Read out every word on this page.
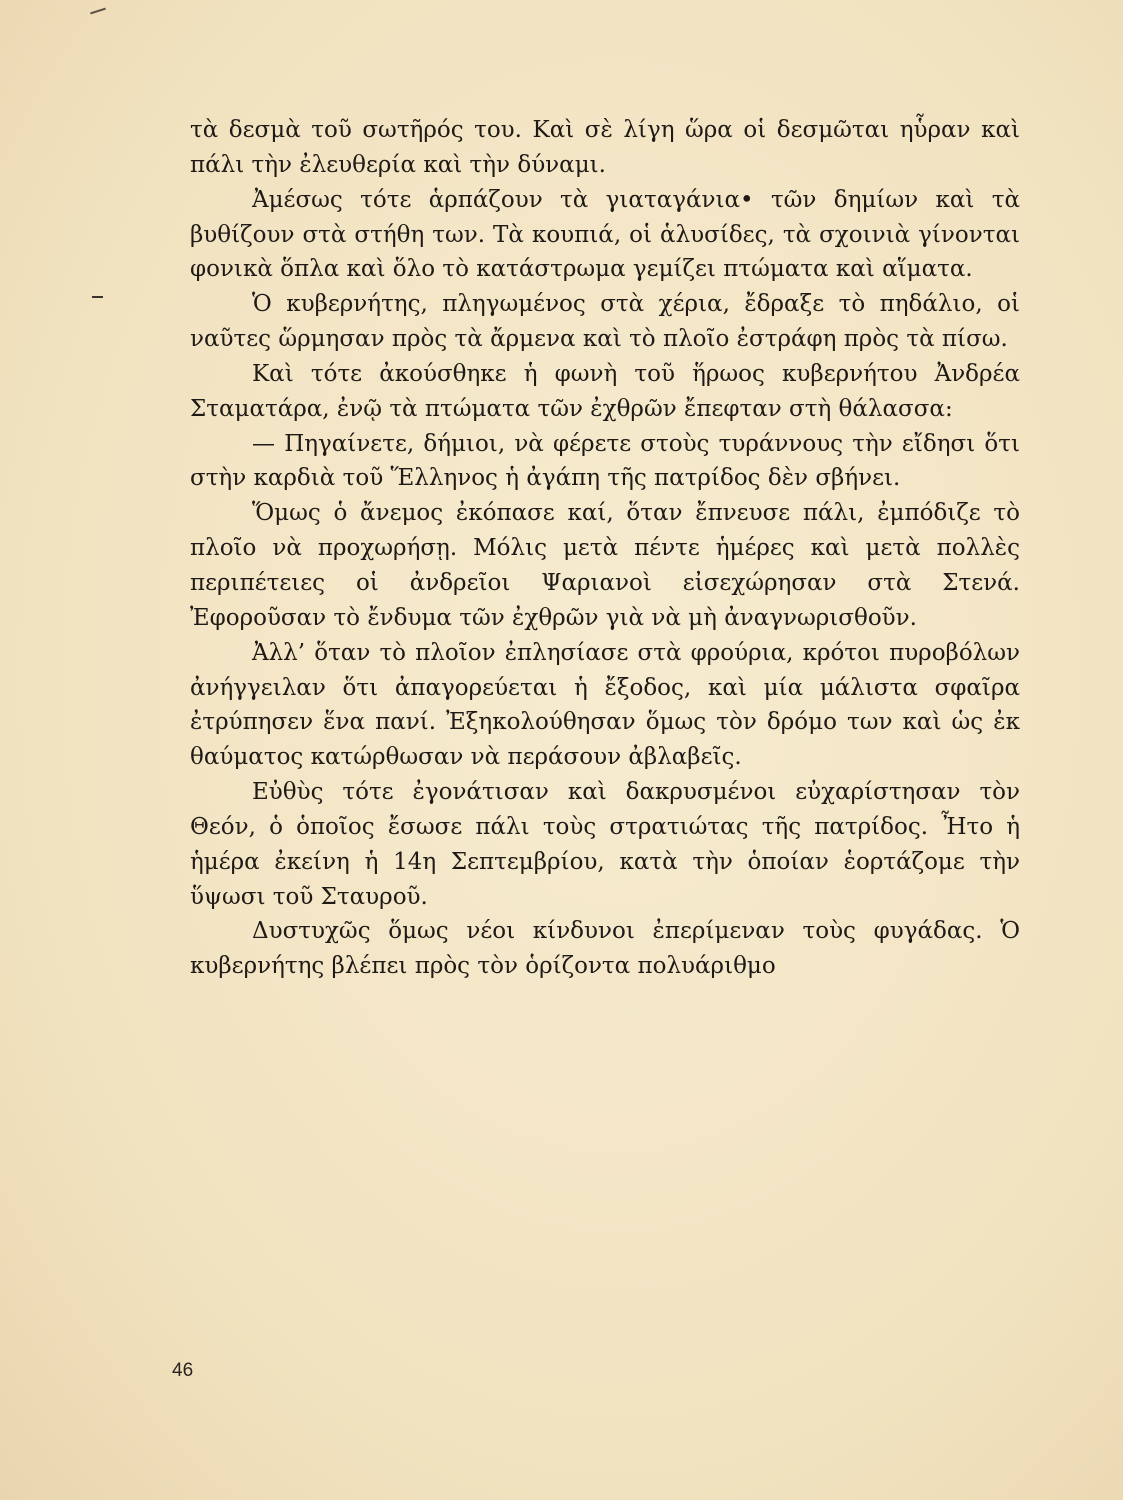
τὰ δεσμὰ τοῦ σωτῆρός του. Καὶ σὲ λίγη ὥρα οἱ δεσμῶται ηὗραν καὶ πάλι τὴν ἐλευθερία καὶ τὴν δύναμι.

Ἀμέσως τότε ἁρπάζουν τὰ γιαταγάνια• τῶν δημίων καὶ τὰ βυθίζουν στὰ στήθη των. Τὰ κουπιά, οἱ ἁλυσίδες, τὰ σχοινιὰ γίνονται φονικὰ ὅπλα καὶ ὅλο τὸ κατάστρωμα γεμίζει πτώματα καὶ αἵματα.

Ὁ κυβερνήτης, πληγωμένος στὰ χέρια, ἔδραξε τὸ πηδάλιο, οἱ ναῦτες ὥρμησαν πρὸς τὰ ἄρμενα καὶ τὸ πλοῖο ἐστράφη πρὸς τὰ πίσω.

Καὶ τότε ἀκούσθηκε ἡ φωνὴ τοῦ ἥρωος κυβερνήτου Ἀνδρέα Σταματάρα, ἐνῷ τὰ πτώματα τῶν ἐχθρῶν ἔπεφταν στὴ θάλασσα:

— Πηγαίνετε, δήμιοι, νὰ φέρετε στοὺς τυράννους τὴν εἴδησι ὅτι στὴν καρδιὰ τοῦ Ἕλληνος ἡ ἀγάπη τῆς πατρίδος δὲν σβήνει.

Ὅμως ὁ ἄνεμος ἐκόπασε καί, ὅταν ἔπνευσε πάλι, ἐμπόδιζε τὸ πλοῖο νὰ προχωρήσῃ. Μόλις μετὰ πέντε ἡμέρες καὶ μετὰ πολλὲς περιπέτειες οἱ ἀνδρεῖοι Ψαριανοὶ εἰσεχώρησαν στὰ Στενά. Ἐφοροῦσαν τὸ ἔνδυμα τῶν ἐχθρῶν γιὰ νὰ μὴ ἀναγνωρισθοῦν.

Ἀλλ’ ὅταν τὸ πλοῖον ἐπλησίασε στὰ φρούρια, κρότοι πυροβόλων ἀνήγγειλαν ὅτι ἀπαγορεύεται ἡ ἔξοδος, καὶ μία μάλιστα σφαῖρα ἐτρύπησεν ἕνα πανί. Ἐξηκολούθησαν ὅμως τὸν δρόμο των καὶ ὡς ἐκ θαύματος κατώρθωσαν νὰ περάσουν ἀβλαβεῖς.

Εὐθὺς τότε ἐγονάτισαν καὶ δακρυσμένοι εὐχαρίστησαν τὸν Θεόν, ὁ ὁποῖος ἔσωσε πάλι τοὺς στρατιώτας τῆς πατρίδος. Ἦτο ἡ ἡμέρα ἐκείνη ἡ 14η Σεπτεμβρίου, κατὰ τὴν ὁποίαν ἑορτάζομε τὴν ὕψωσι τοῦ Σταυροῦ.

Δυστυχῶς ὅμως νέοι κίνδυνοι ἐπερίμεναν τοὺς φυγάδας. Ὁ κυβερνήτης βλέπει πρὸς τὸν ὁρίζοντα πολυάριθμο

46
